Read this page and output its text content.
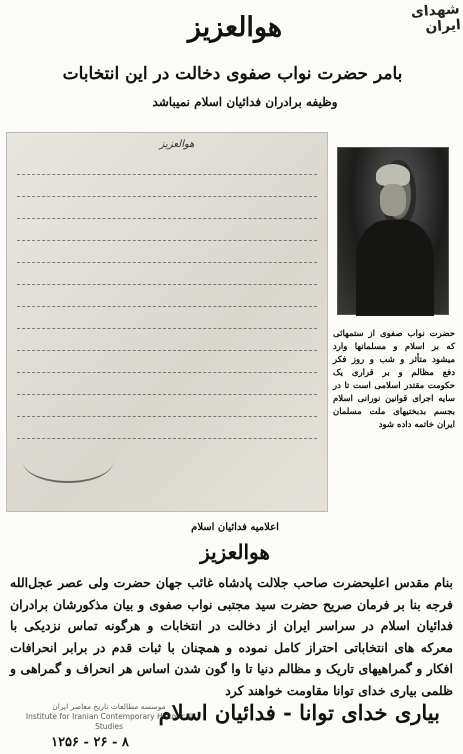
شهدای ایران
هوالعزیز
بامر حضرت نواب صفوی دخالت در این انتخابات
وظیفه برادران فدائیان اسلام نمیباشد
هوالعزیز
حضرت نواب صفوی از ستمهائی که بر اسلام و مسلمانها وارد میشود متأثر و شب و روز فکر دفع مظالم و بر قراری یک حکومت مقتدر اسلامی است تا در سایه اجرای قوانین نورانی اسلام بجسم بدبختیهای ملت مسلمان ایران خاتمه داده شود
اعلامیه فدائیان اسلام
هوالعزیز
بنام مقدس اعلیحضرت صاحب جلالت پادشاه غائب جهان حضرت ولی عصر عجل‌الله فرجه بنا بر فرمان صریح حضرت سید مجتبی نواب صفوی و بیان مذکورشان برادران فدائیان اسلام در سراسر ایران از دخالت در انتخابات و هرگونه تماس نزدیکی با معرکه های انتخاباتی احتراز کامل نموده و همچنان با ثبات قدم در برابر انحرافات افکار و گمراهیهای تاریک و مظالم دنیا تا وا گون شدن اساس هر انحراف و گمراهی و ظلمی بیاری خدای توانا مقاومت خواهند کرد
بیاری خدای توانا - فدائیان اسلام
موسسه مطالعات تاریخ معاصر ایران
Institute for Iranian Contemporary Historical Studies
۸ - ۲۶ - ۱۲۵۶
